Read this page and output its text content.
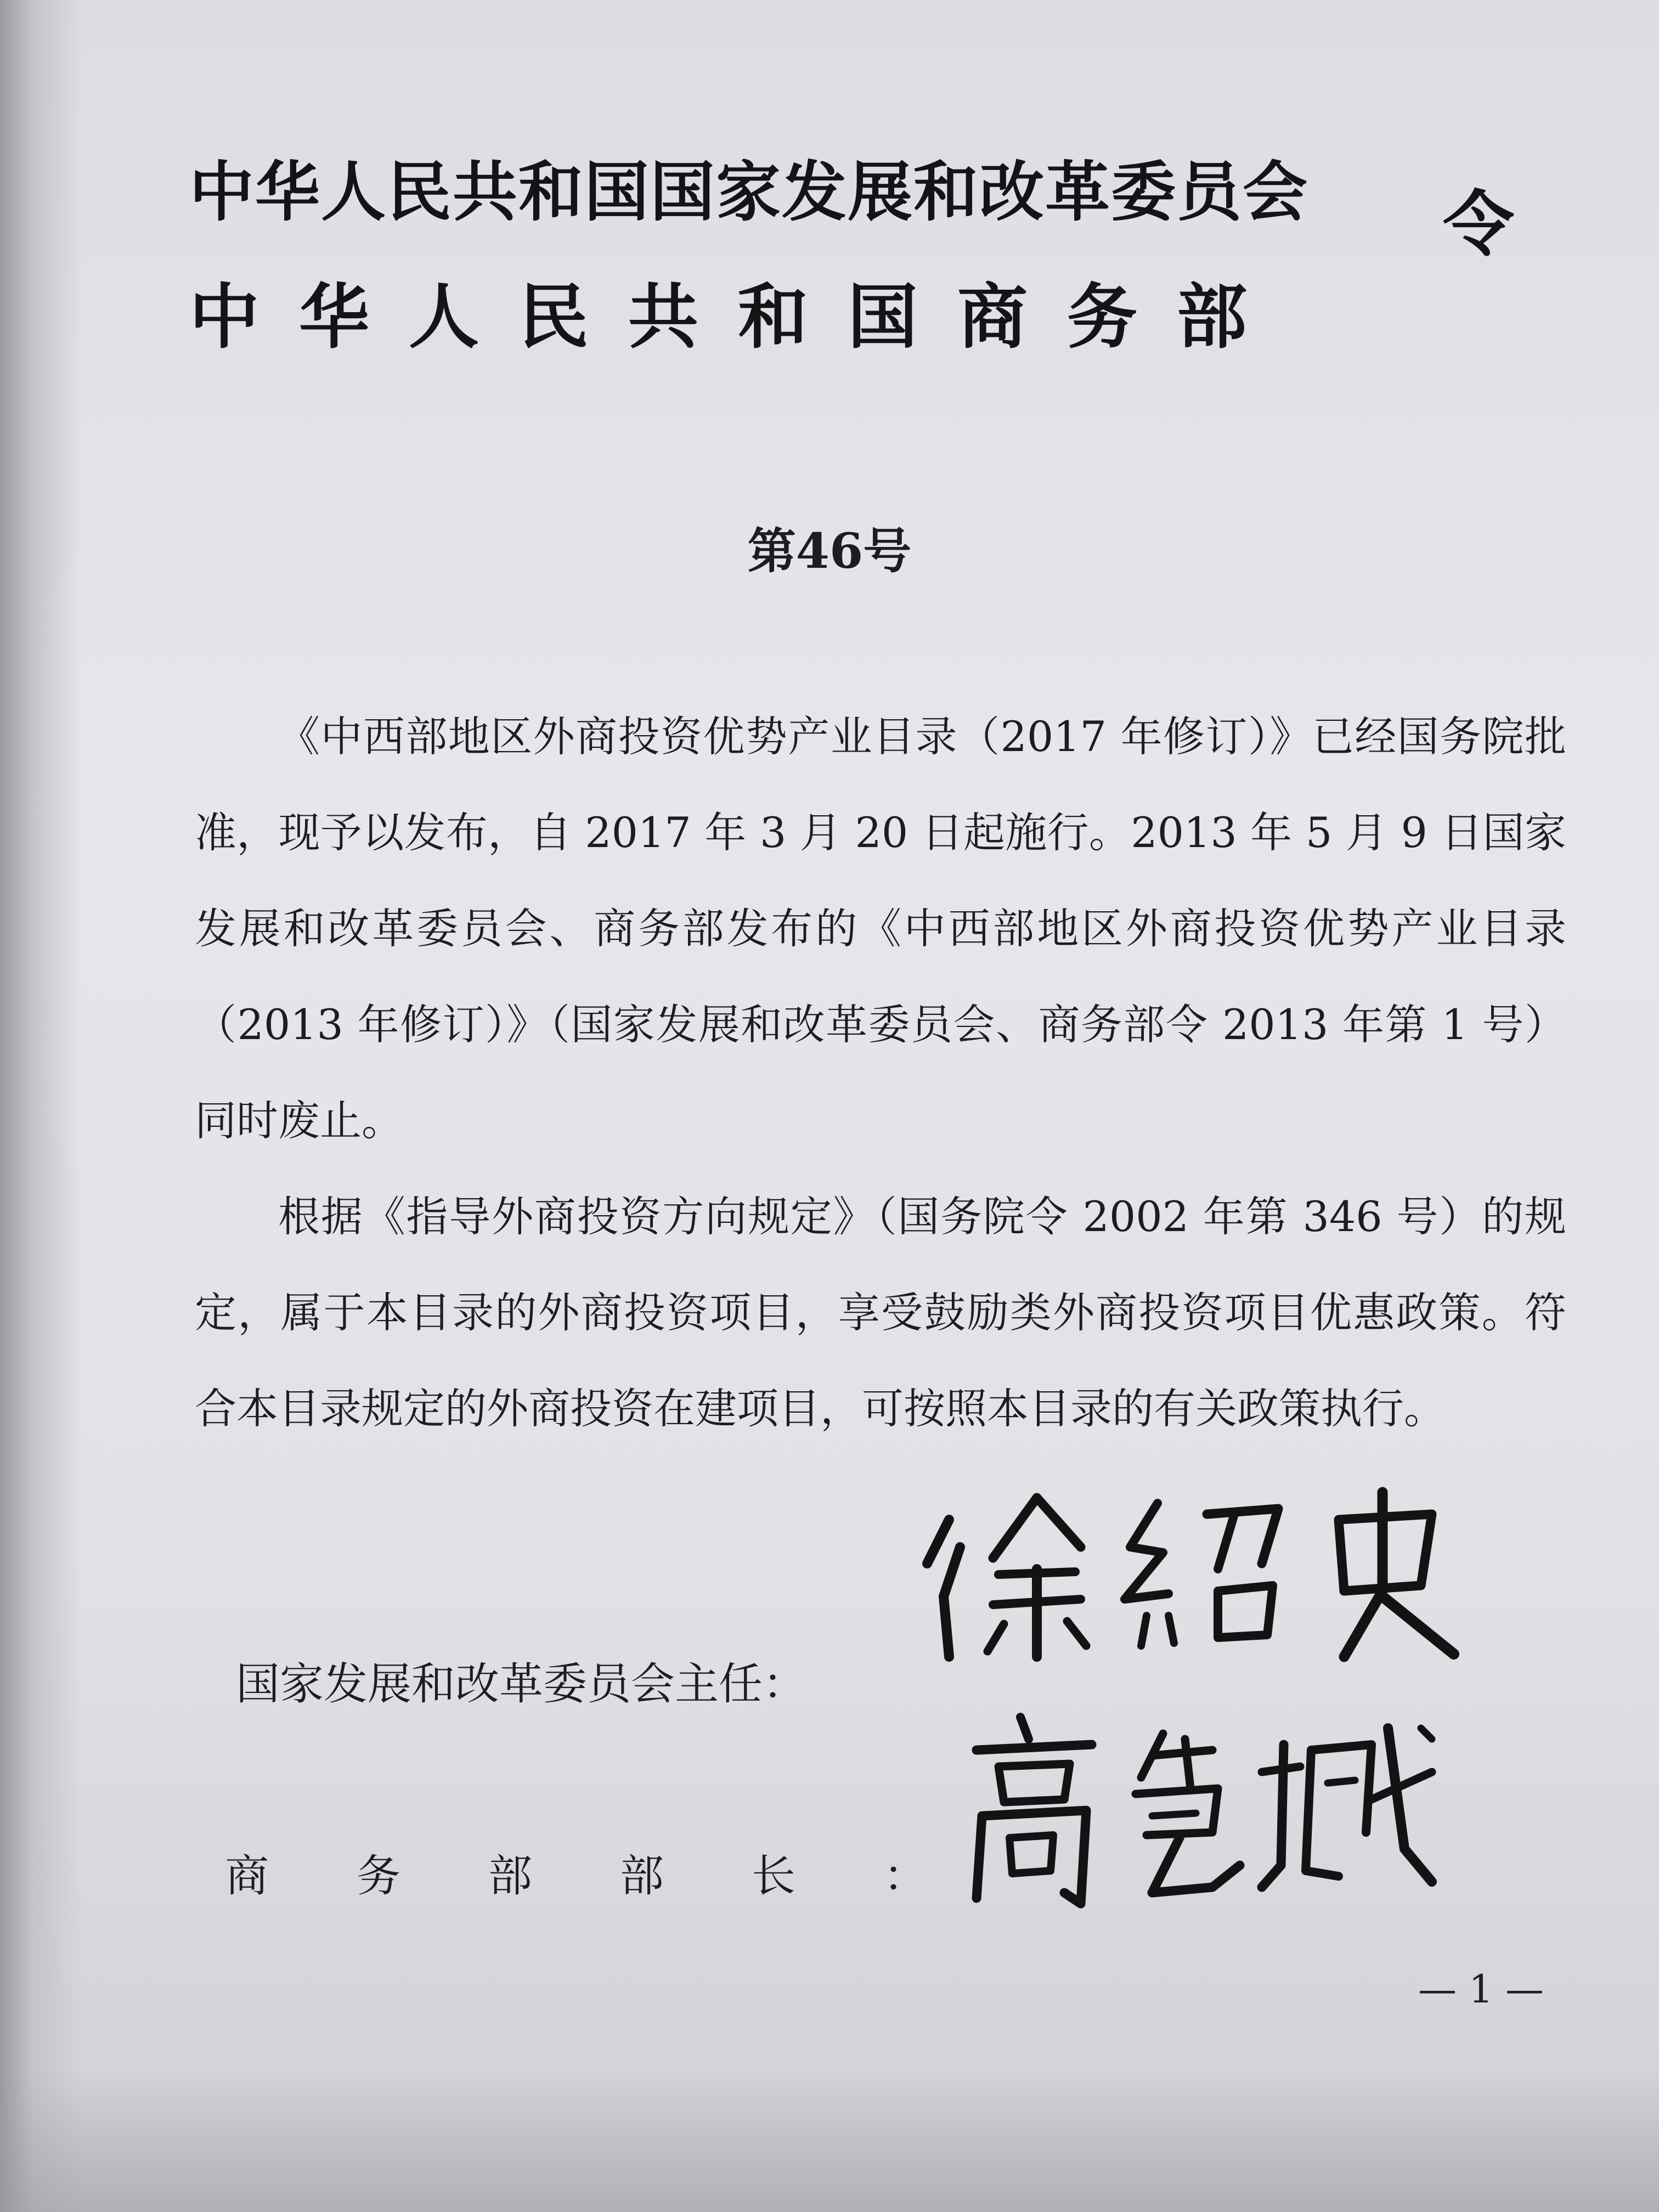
中华人民共和国国家发展和改革委员会
中华人民共和国商务部
令
第46号

《中西部地区外商投资优势产业目录（2017 年修订）》已经国务院批准，现予以发布，自 2017 年 3 月 20 日起施行。2013 年 5 月 9 日国家发展和改革委员会、商务部发布的《中西部地区外商投资优势产业目录（2013 年修订）》（国家发展和改革委员会、商务部令 2013 年第 1 号）同时废止。

根据《指导外商投资方向规定》（国务院令 2002 年第 346 号）的规定，属于本目录的外商投资项目，享受鼓励类外商投资项目优惠政策。符合本目录规定的外商投资在建项目，可按照本目录的有关政策执行。

国家发展和改革委员会主任：
商务部部长：
— 1 —
